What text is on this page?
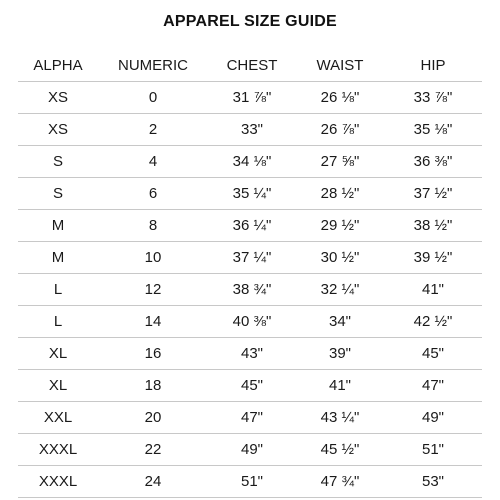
APPAREL SIZE GUIDE
ALPHA	NUMERIC	CHEST	WAIST	HIP
XS	0	31 ⅞"	26 ⅛"	33 ⅞"
XS	2	33"	26 ⅞"	35 ⅛"
S	4	34 ⅛"	27 ⅝"	36 ⅜"
S	6	35 ¼"	28 ½"	37 ½"
M	8	36 ¼"	29 ½"	38 ½"
M	10	37 ¼"	30 ½"	39 ½"
L	12	38 ¾"	32 ¼"	41"
L	14	40 ⅜"	34"	42 ½"
XL	16	43"	39"	45"
XL	18	45"	41"	47"
XXL	20	47"	43 ¼"	49"
XXXL	22	49"	45 ½"	51"
XXXL	24	51"	47 ¾"	53"
